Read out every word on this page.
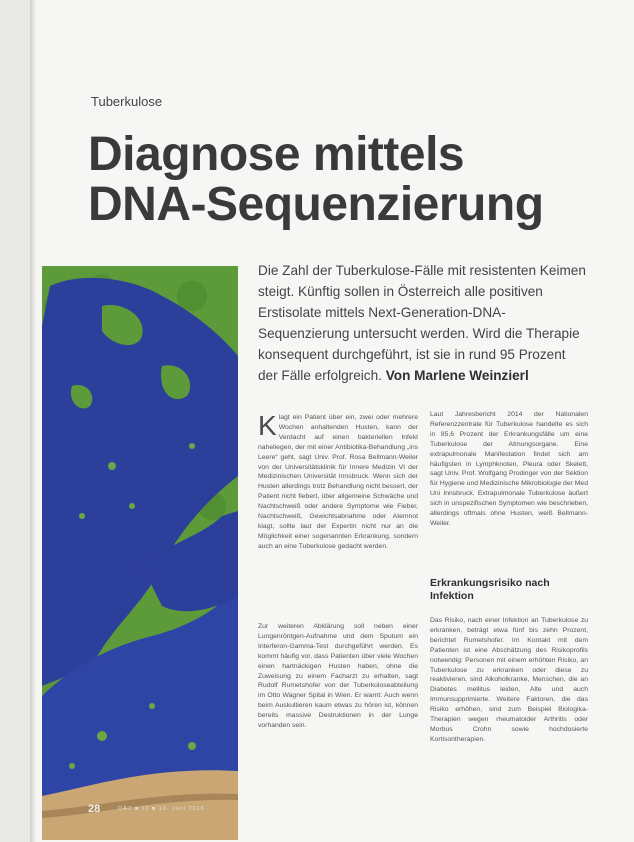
Tuberkulose
Diagnose mittels
DNA-Sequenzierung

Die Zahl der Tuberkulose-Fälle mit resistenten Keimen steigt. Künftig sollen in Österreich alle positiven Erstisolate mittels Next-Generation-DNA-Sequenzierung untersucht werden. Wird die Therapie konsequent durchgeführt, ist sie in rund 95 Prozent der Fälle erfolgreich. Von Marlene Weinzierl

Klagt ein Patient über ein, zwei oder mehrere Wochen anhaltenden Husten, kann der Verdacht auf einen bakteriellen Infekt naheliegen, der mit einer Antibiotika-Behandlung „ins Leere“ geht, sagt Univ. Prof. Rosa Bellmann-Weiler von der Universitätsklinik für Innere Medizin VI der Medizinischen Universität Innsbruck. Wenn sich der Husten allerdings trotz Behandlung nicht bessert, der Patient nicht fiebert, über allgemeine Schwäche und Nachtschweiß oder andere Symptome wie Fieber, Nachtschweiß, Gewichtsabnahme oder Atemnot klagt, sollte laut der Expertin nicht nur an die Möglichkeit einer sogenannten Erkrankung, sondern auch an eine Tuberkulose gedacht werden.

Zur weiteren Abklärung soll neben einer Lungenröntgen-Aufnahme und dem Sputum ein Interferon-Gamma-Test durchgeführt werden. Es kommt häufig vor, dass Patienten über viele Wochen einen hartnäckigen Husten haben, ohne die Zuweisung zu einem Facharzt zu erhalten, sagt Rudolf Rumetshofer von der Tuberkuloseabteilung im Otto Wagner Spital in Wien. Er warnt: Auch wenn beim Auskultieren kaum etwas zu hören ist, können bereits massive Destruktionen in der Lunge vorhanden sein.

Laut Jahresbericht 2014 der Nationalen Referenzzentrale für Tuberkulose handelte es sich in 85,6 Prozent der Erkrankungsfälle um eine Tuberkulose der Atmungsorgane. Eine extrapulmonale Manifestation findet sich am häufigsten in Lymphknoten, Pleura oder Skelett, sagt Univ. Prof. Wolfgang Prodinger von der Sektion für Hygiene und Medizinische Mikrobiologie der Med Uni Innsbruck. Extrapulmonale Tuberkulose äußert sich in unspezifischen Symptomen wie beschrieben, allerdings oftmals ohne Husten, weiß Bellmann-Weiler.

Erkrankungsrisiko nach Infektion

Das Risiko, nach einer Infektion an Tuberkulose zu erkranken, beträgt etwa fünf bis zehn Prozent, berichtet Rumetshofer. Im Kontakt mit dem Patienten ist eine Abschätzung des Risikoprofils notwendig: Personen mit einem erhöhten Risiko, an Tuberkulose zu erkranken oder diese zu reaktivieren, sind Alkoholkranke, Menschen, die an Diabetes mellitus leiden, Alte und auch Immunsupprimierte. Weitere Faktoren, die das Risiko erhöhen, sind zum Beispiel Biologika-Therapien wegen rheumatoider Arthritis oder Morbus Crohn sowie hochdosierte Kortisontherapien.

28	ÖÄZ ■ 11 ■ 10. Juni 2016
